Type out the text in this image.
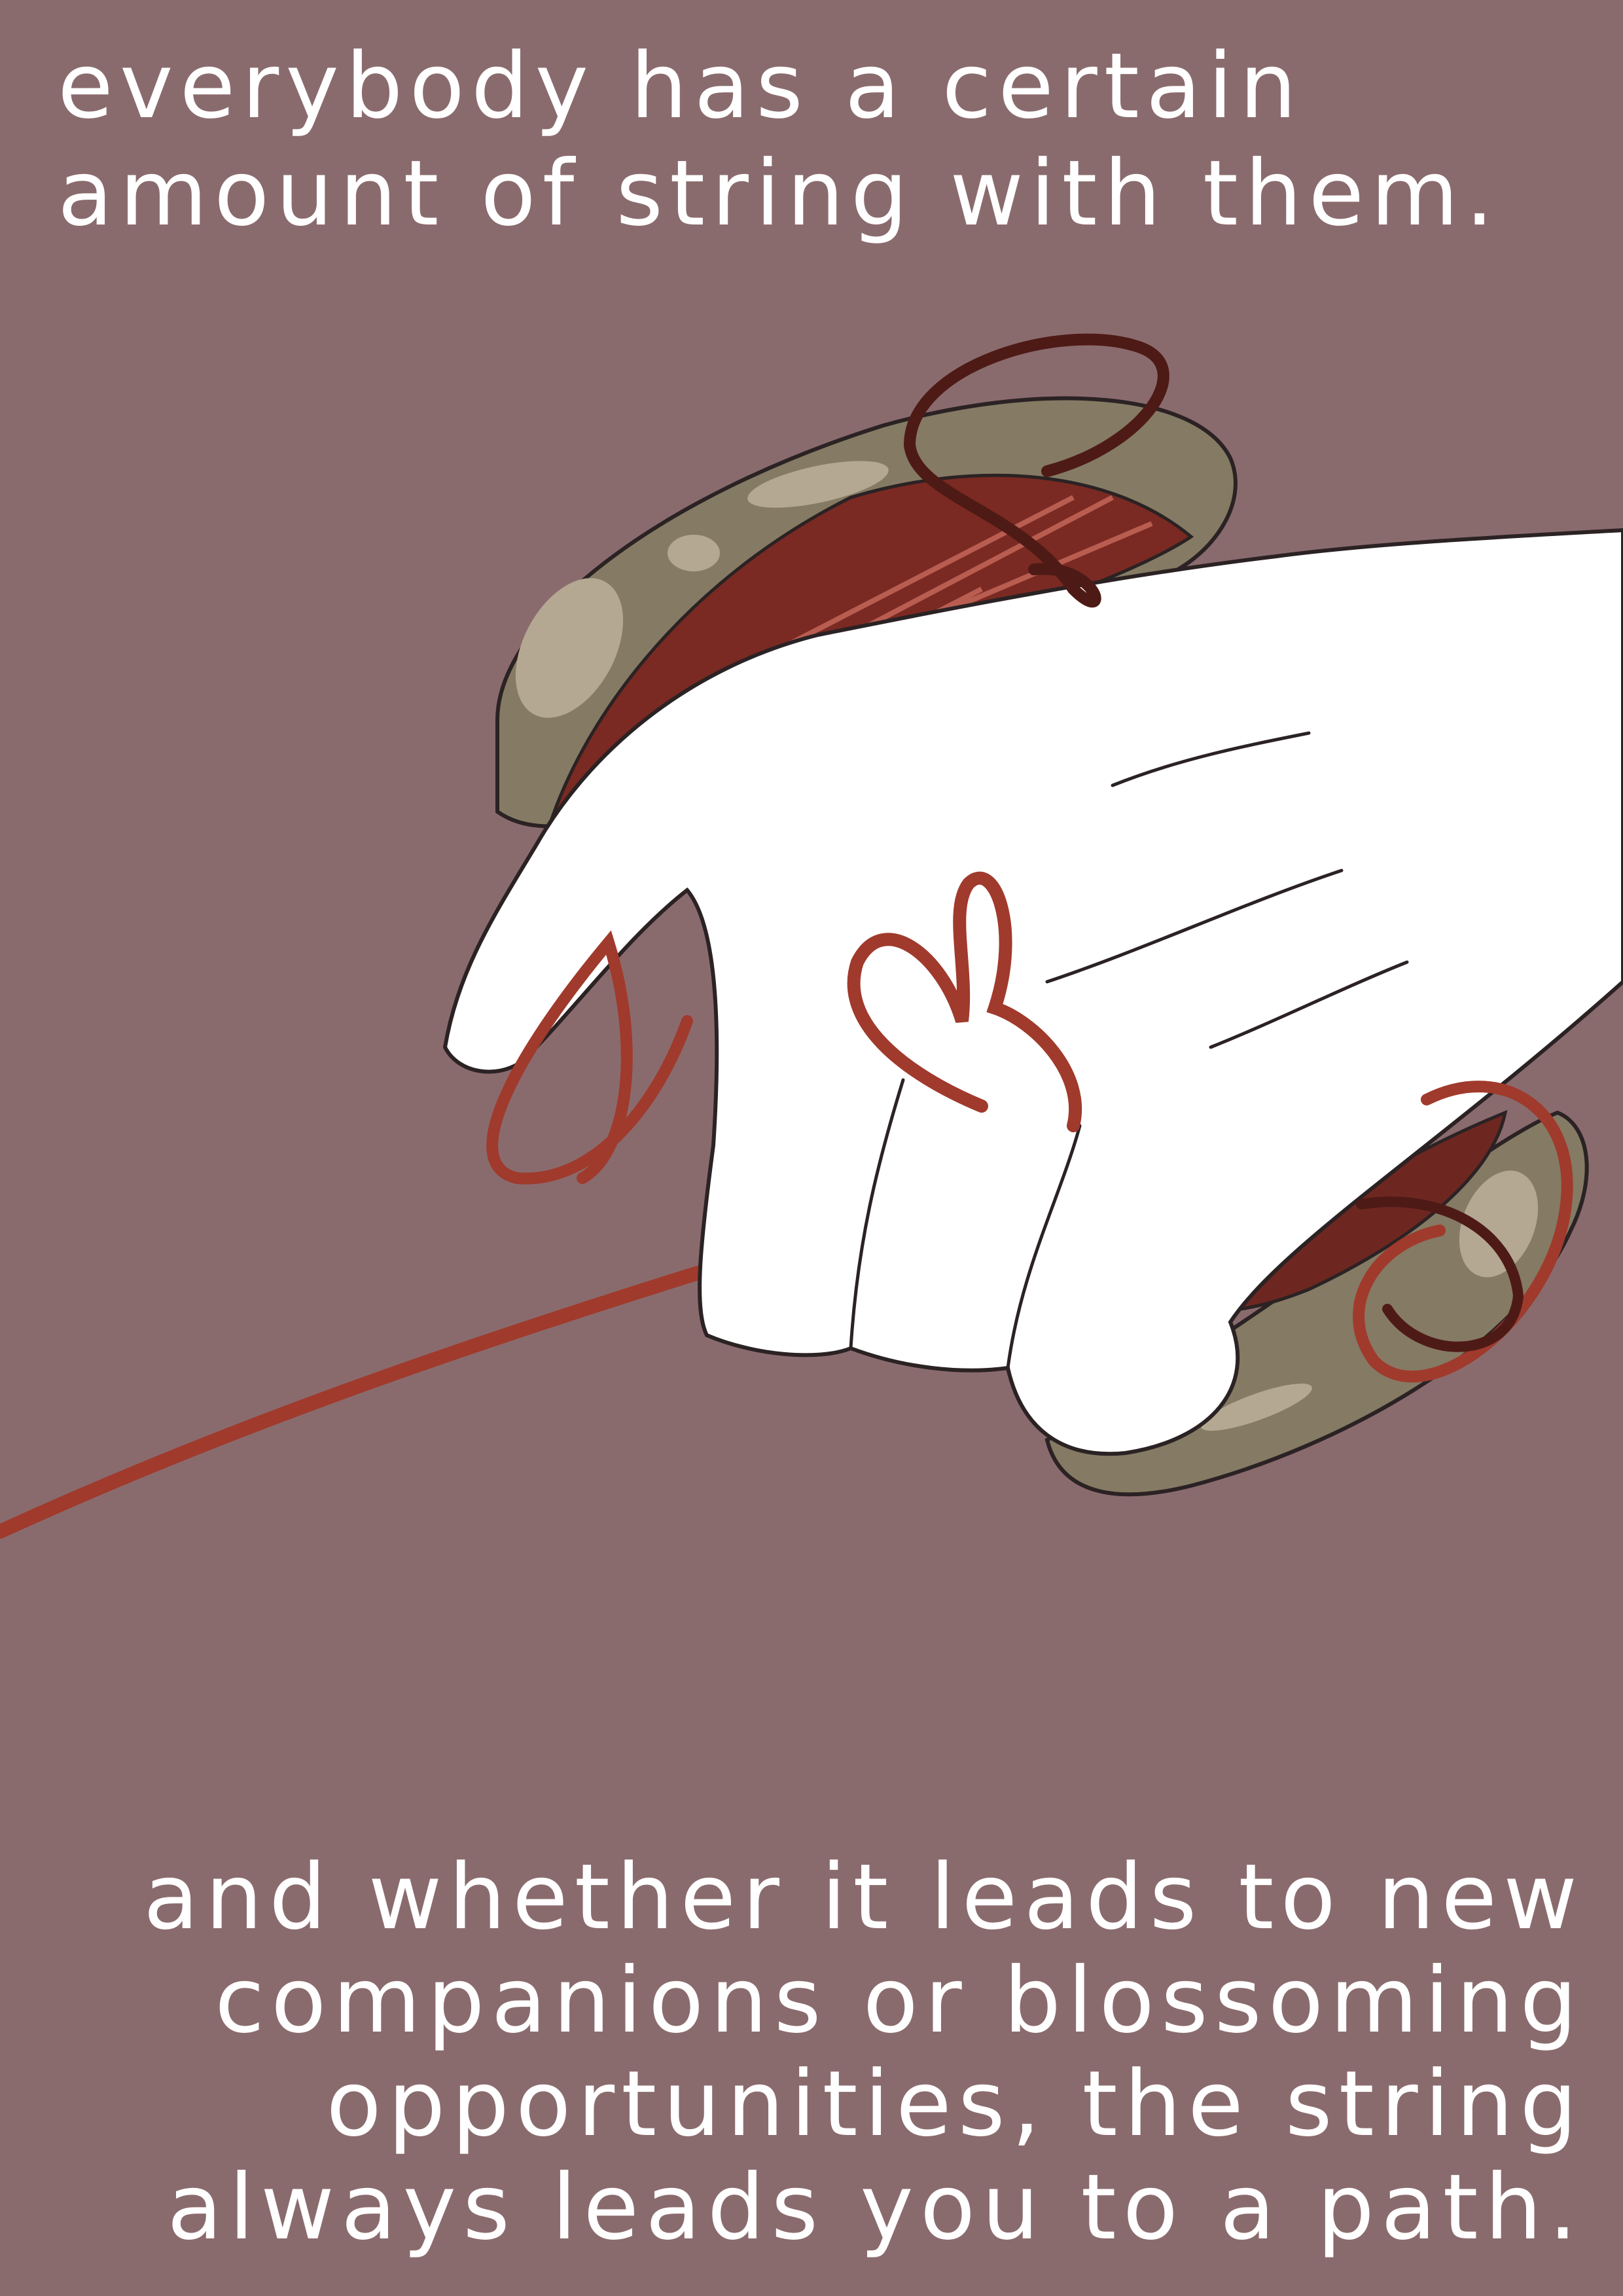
everybody has a certain
amount of string with them.

and whether it leads to new
companions or blossoming
opportunities, the string
always leads you to a path.
